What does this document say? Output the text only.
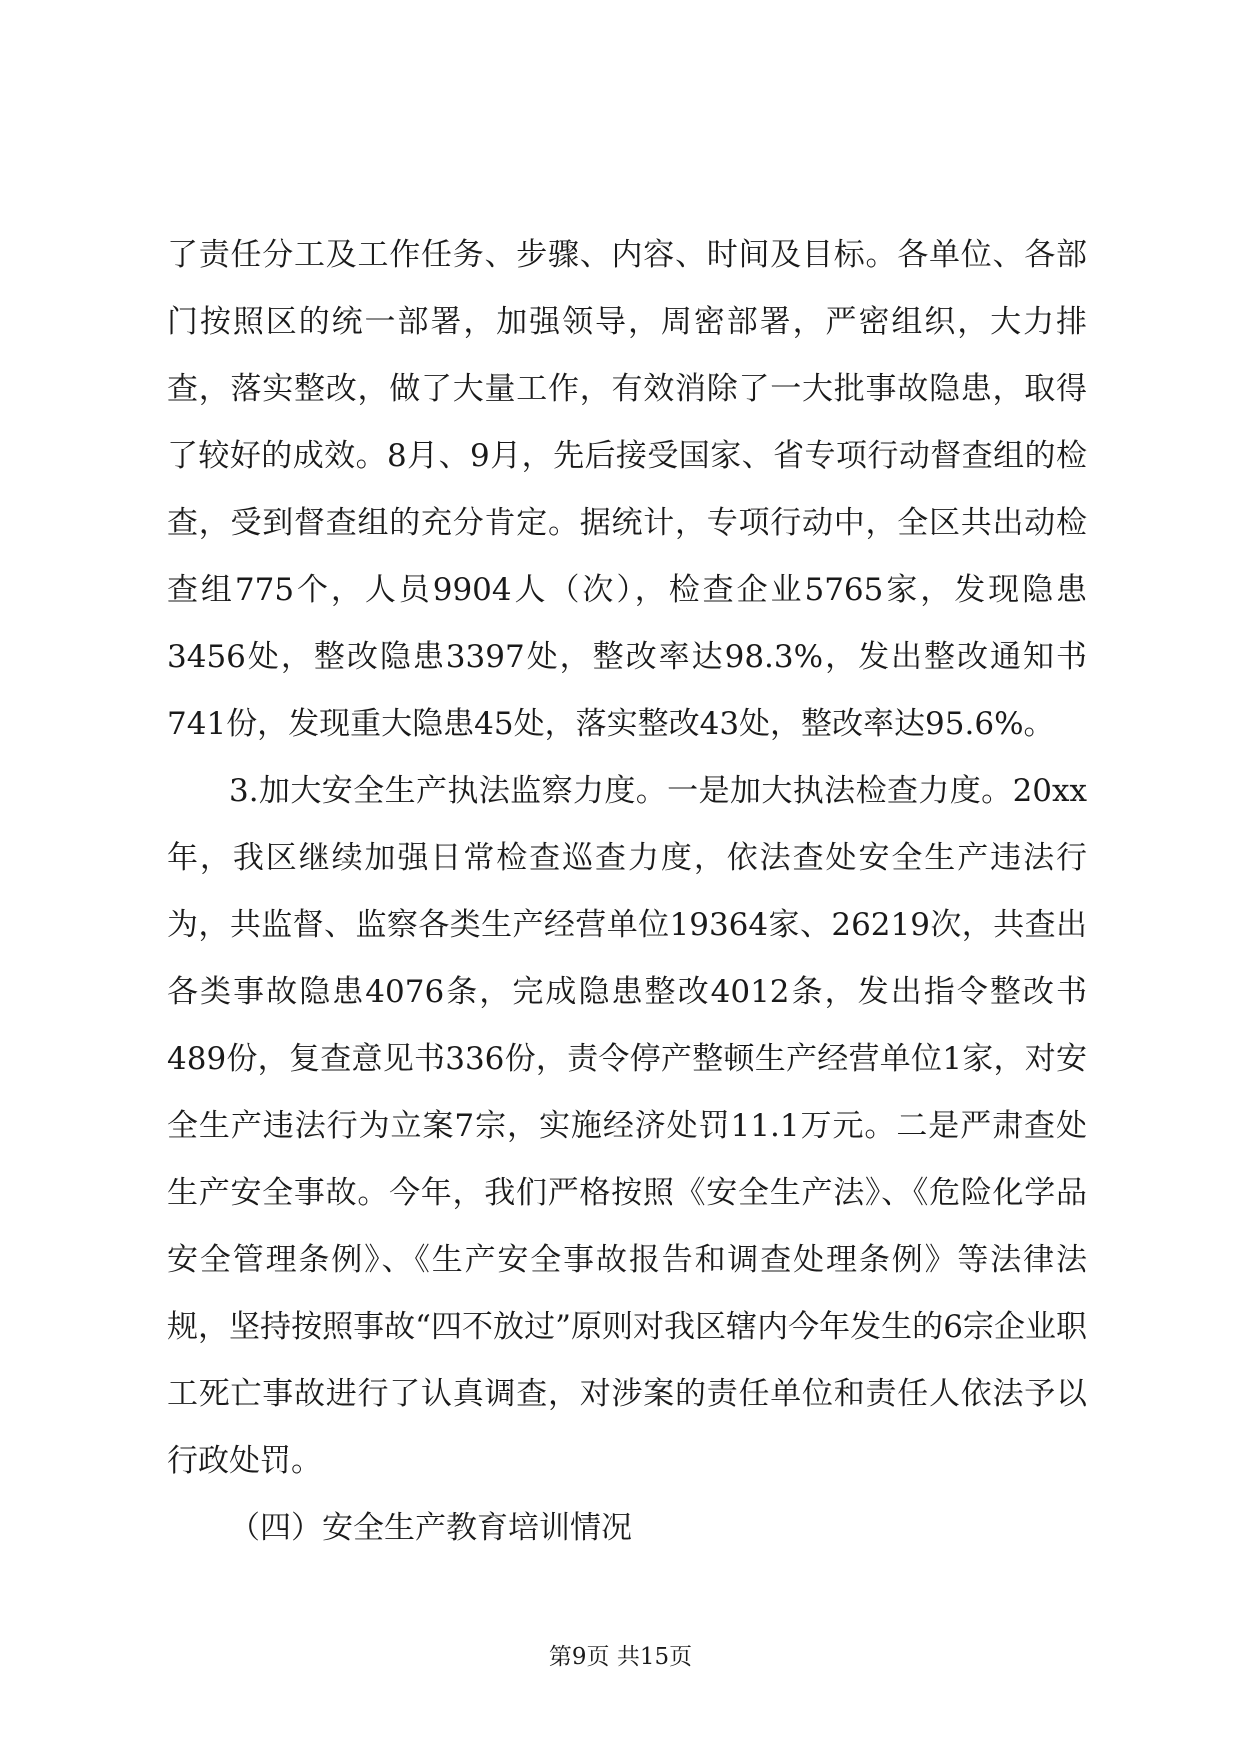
了责任分工及工作任务、步骤、内容、时间及目标。各单位、各部门按照区的统一部署，加强领导，周密部署，严密组织，大力排查，落实整改，做了大量工作，有效消除了一大批事故隐患，取得了较好的成效。8月、9月，先后接受国家、省专项行动督查组的检查，受到督查组的充分肯定。据统计，专项行动中，全区共出动检查组775个，人员9904人（次），检查企业5765家，发现隐患3456处，整改隐患3397处，整改率达98.3%，发出整改通知书741份，发现重大隐患45处，落实整改43处，整改率达95.6%。

3.加大安全生产执法监察力度。一是加大执法检查力度。20xx年，我区继续加强日常检查巡查力度，依法查处安全生产违法行为，共监督、监察各类生产经营单位19364家、26219次，共查出各类事故隐患4076条，完成隐患整改4012条，发出指令整改书489份，复查意见书336份，责令停产整顿生产经营单位1家，对安全生产违法行为立案7宗，实施经济处罚11.1万元。二是严肃查处生产安全事故。今年，我们严格按照《安全生产法》、《危险化学品安全管理条例》、《生产安全事故报告和调查处理条例》等法律法规，坚持按照事故“四不放过”原则对我区辖内今年发生的6宗企业职工死亡事故进行了认真调查，对涉案的责任单位和责任人依法予以行政处罚。

（四）安全生产教育培训情况

第9页 共15页
